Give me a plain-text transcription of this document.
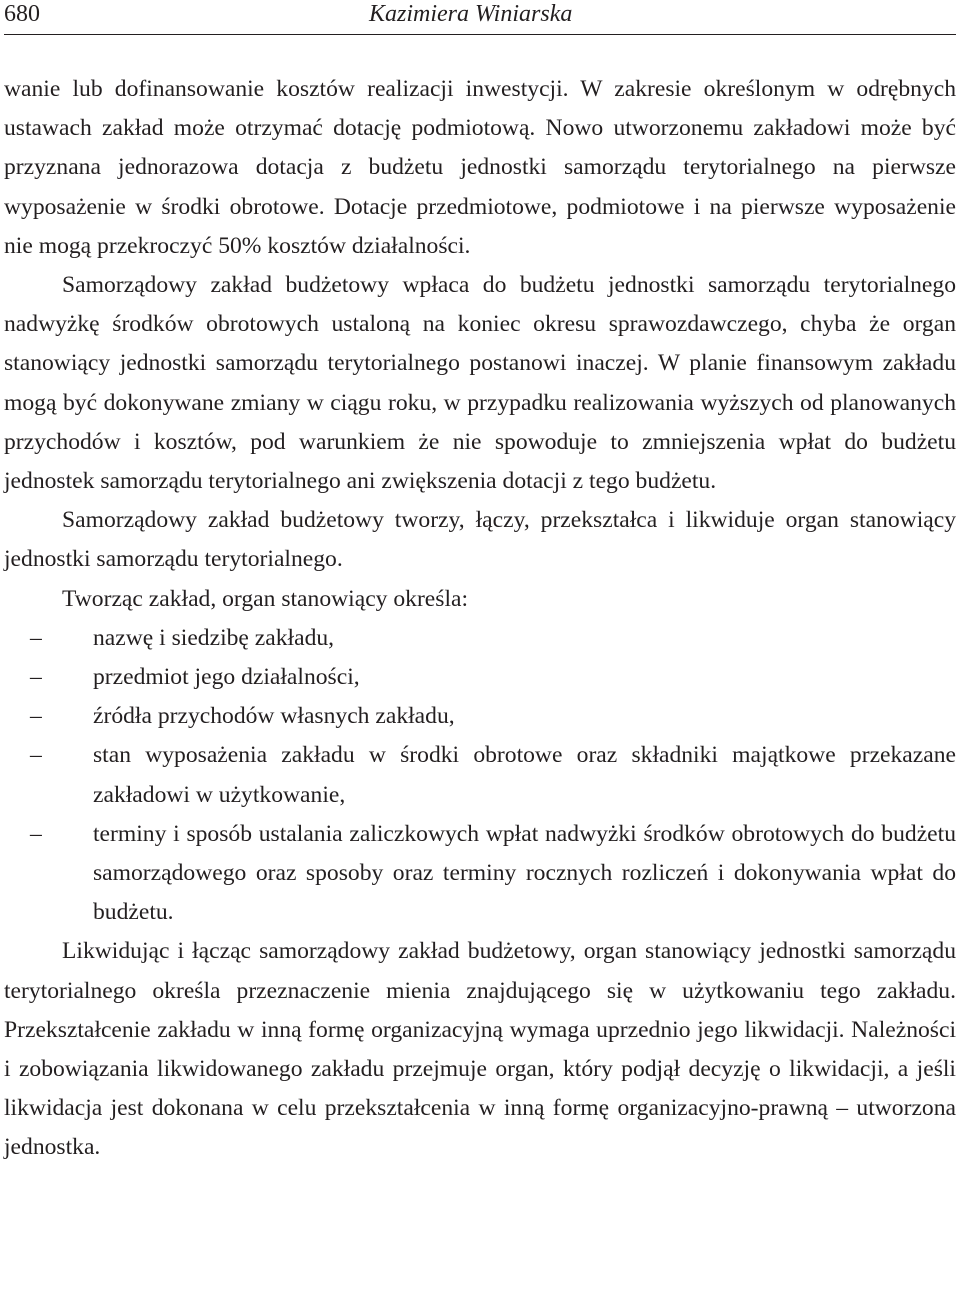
680	Kazimiera Winiarska

wanie lub dofinansowanie kosztów realizacji inwestycji. W zakresie określonym w odrębnych ustawach zakład może otrzymać dotację podmiotową. Nowo utworzonemu zakładowi może być przyznana jednorazowa dotacja z budżetu jednostki samorządu terytorialnego na pierwsze wyposażenie w środki obrotowe. Dotacje przedmiotowe, podmiotowe i na pierwsze wyposażenie nie mogą przekroczyć 50% kosztów działalności.

Samorządowy zakład budżetowy wpłaca do budżetu jednostki samorządu terytorialnego nadwyżkę środków obrotowych ustaloną na koniec okresu sprawozdawczego, chyba że organ stanowiący jednostki samorządu terytorialnego postanowi inaczej. W planie finansowym zakładu mogą być dokonywane zmiany w ciągu roku, w przypadku realizowania wyższych od planowanych przychodów i kosztów, pod warunkiem że nie spowoduje to zmniejszenia wpłat do budżetu jednostek samorządu terytorialnego ani zwiększenia dotacji z tego budżetu.

Samorządowy zakład budżetowy tworzy, łączy, przekształca i likwiduje organ stanowiący jednostki samorządu terytorialnego.

Tworząc zakład, organ stanowiący określa:

– nazwę i siedzibę zakładu,
– przedmiot jego działalności,
– źródła przychodów własnych zakładu,
– stan wyposażenia zakładu w środki obrotowe oraz składniki majątkowe przekazane zakładowi w użytkowanie,
– terminy i sposób ustalania zaliczkowych wpłat nadwyżki środków obrotowych do budżetu samorządowego oraz sposoby oraz terminy rocznych rozliczeń i dokonywania wpłat do budżetu.

Likwidując i łącząc samorządowy zakład budżetowy, organ stanowiący jednostki samorządu terytorialnego określa przeznaczenie mienia znajdującego się w użytkowaniu tego zakładu. Przekształcenie zakładu w inną formę organizacyjną wymaga uprzednio jego likwidacji. Należności i zobowiązania likwidowanego zakładu przejmuje organ, który podjął decyzję o likwidacji, a jeśli likwidacja jest dokonana w celu przekształcenia w inną formę organizacyjno-prawną – utworzona jednostka.
